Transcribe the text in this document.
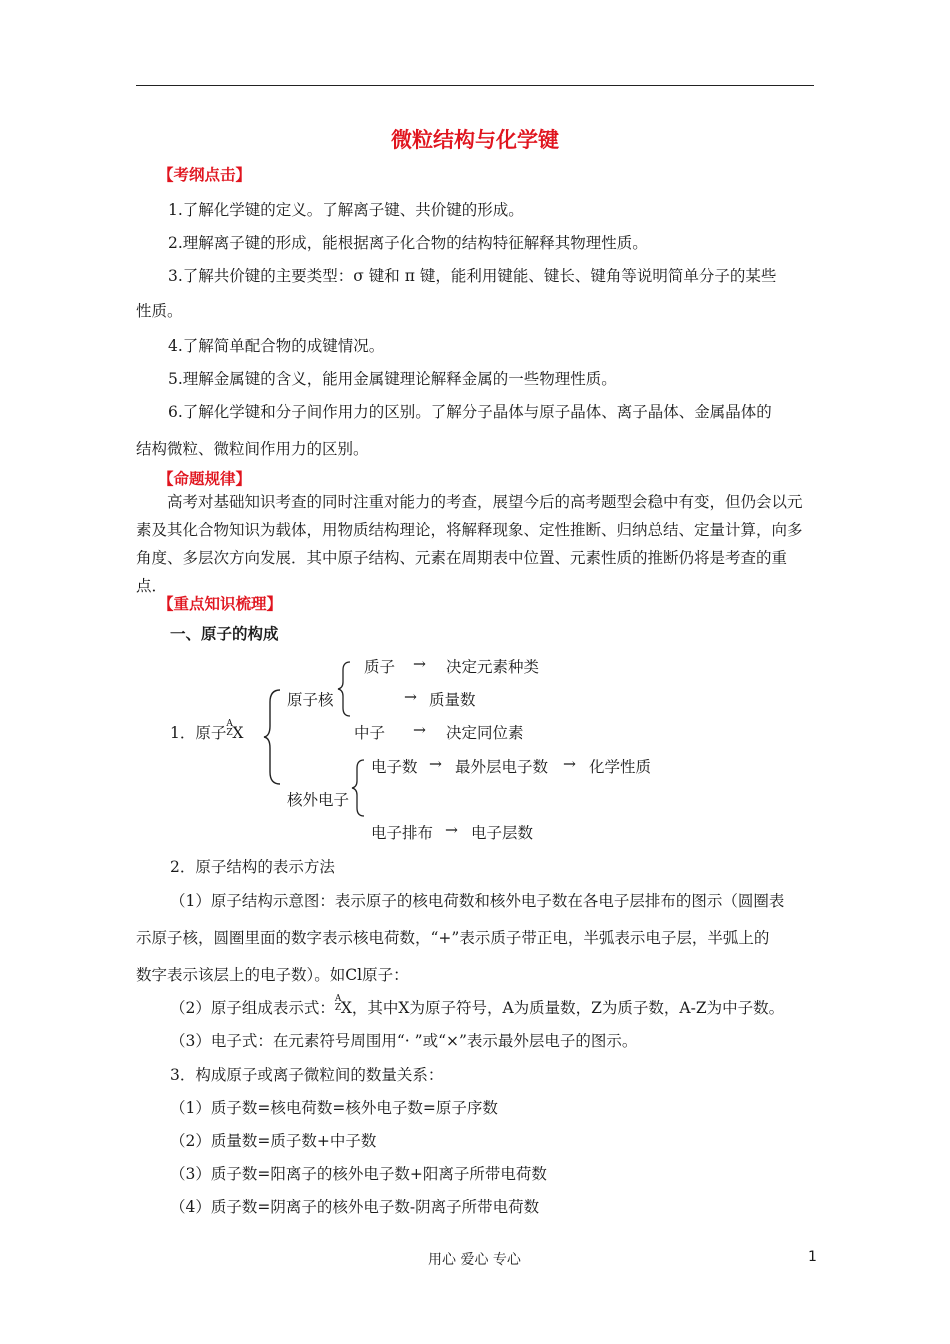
微粒结构与化学键
【考纲点击】
1.了解化学键的定义。了解离子键、共价键的形成。
2.理解离子键的形成，能根据离子化合物的结构特征解释其物理性质。
3.了解共价键的主要类型：σ 键和 π 键，能利用键能、键长、键角等说明简单分子的某些
性质。
4.了解简单配合物的成键情况。
5.理解金属键的含义，能用金属键理论解释金属的一些物理性质。
6.了解化学键和分子间作用力的区别。了解分子晶体与原子晶体、离子晶体、金属晶体的
结构微粒、微粒间作用力的区别。
【命题规律】
高考对基础知识考查的同时注重对能力的考查，展望今后的高考题型会稳中有变，但仍会以元素及其化合物知识为载体，用物质结构理论，将解释现象、定性推断、归纳总结、定量计算，向多角度、多层次方向发展．其中原子结构、元素在周期表中位置、元素性质的推断仍将是考查的重点．
【重点知识梳理】
一、原子的构成
1．原子 A
Z X
原子核
质子 → 决定元素种类
→ 质量数
中子 → 决定同位素
核外电子
电子数 → 最外层电子数 → 化学性质
电子排布 → 电子层数
2．原子结构的表示方法
（1）原子结构示意图：表示原子的核电荷数和核外电子数在各电子层排布的图示（圆圈表
示原子核，圆圈里面的数字表示核电荷数，“+”表示质子带正电，半弧表示电子层，半弧上的
数字表示该层上的电子数）。如Cl原子：
（2）原子组成表示式： A
Z X，其中X为原子符号，A为质量数，Z为质子数，A-Z为中子数。
（3）电子式：在元素符号周围用“· ”或“×”表示最外层电子的图示。
3．构成原子或离子微粒间的数量关系：
（1）质子数=核电荷数=核外电子数=原子序数
（2）质量数=质子数+中子数
（3）质子数=阳离子的核外电子数+阳离子所带电荷数
（4）质子数=阴离子的核外电子数-阴离子所带电荷数
用心 爱心 专心	1
